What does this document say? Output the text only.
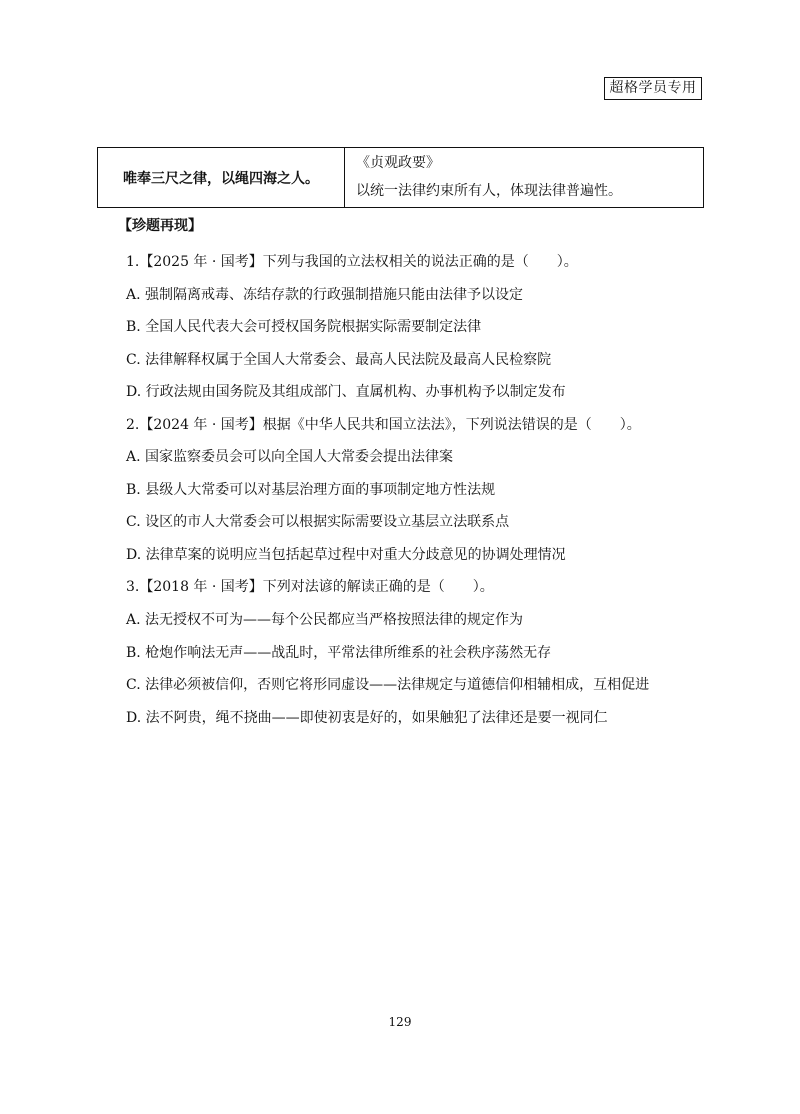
超格学员专用
唯奉三尺之律，以绳四海之人。
《贞观政要》
以统一法律约束所有人，体现法律普遍性。
【珍题再现】
1.【2025 年 · 国考】下列与我国的立法权相关的说法正确的是（　　）。
A. 强制隔离戒毒、冻结存款的行政强制措施只能由法律予以设定
B. 全国人民代表大会可授权国务院根据实际需要制定法律
C. 法律解释权属于全国人大常委会、最高人民法院及最高人民检察院
D. 行政法规由国务院及其组成部门、直属机构、办事机构予以制定发布
2.【2024 年 · 国考】根据《中华人民共和国立法法》，下列说法错误的是（　　）。
A. 国家监察委员会可以向全国人大常委会提出法律案
B. 县级人大常委可以对基层治理方面的事项制定地方性法规
C. 设区的市人大常委会可以根据实际需要设立基层立法联系点
D. 法律草案的说明应当包括起草过程中对重大分歧意见的协调处理情况
3.【2018 年 · 国考】下列对法谚的解读正确的是（　　）。
A. 法无授权不可为——每个公民都应当严格按照法律的规定作为
B. 枪炮作响法无声——战乱时，平常法律所维系的社会秩序荡然无存
C. 法律必须被信仰，否则它将形同虚设——法律规定与道德信仰相辅相成，互相促进
D. 法不阿贵，绳不挠曲——即使初衷是好的，如果触犯了法律还是要一视同仁
129
